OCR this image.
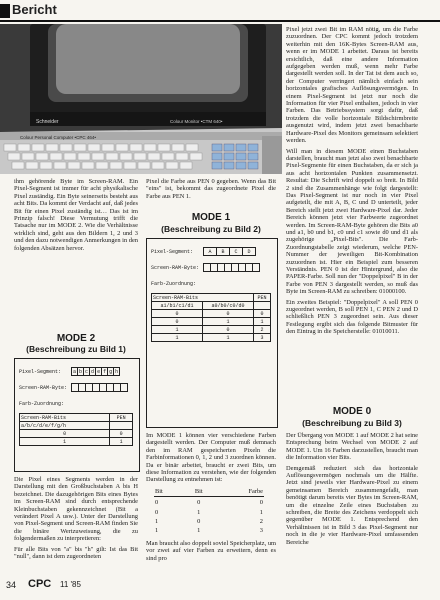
Bericht
Schneider	Colour Monitor •CTM 640•
Colour Personal Computer •CPC 464•

ihm gehörende Byte im Screen-RAM. Ein Pixel-Segment ist immer für acht physikalische Pixel zuständig. Ein Byte seinerseits besteht aus acht Bits. Da kommt der Verdacht auf, daß jedes Bit für einen Pixel zuständig ist… Das ist im Prinzip falsch! Diese Vermutung trifft die Tatsache nur im MODE 2. Wie die Verhältnisse wirklich sind, geht aus den Bildern 1, 2 und 3 und den dazu notwendigen Anmerkungen in den folgenden Absätzen hervor.

MODE 2
(Beschreibung zu Bild 1)
Pixel-Segment: a	b	c	d	e	f	g	h
Screen-RAM-Byte:

Farb-Zuordnung:
Screen-RAM-Bits	PEN
a/b/c/d/e/f/g/h	
0	0
1	1

Die Pixel eines Segments werden in der Darstellung mit den Großbuchstaben A bis H bezeichnet. Die dazugehörigen Bits eines Bytes im Screen-RAM sind durch entsprechende Kleinbuchstaben gekennzeichnet (Bit a verändert Pixel A usw.). Unter der Darstellung von Pixel-Segment und Screen-RAM finden Sie die binäre Wertzuweisung, die zu folgendermaßen zu interpretieren:

Für alle Bits von "a" bis "h" gilt: Ist das Bit "null", dann ist dem zugeordneten

Pixel die Farbe aus PEN 0 gegeben. Wenn das Bit "eins" ist, bekommt das zugeordnete Pixel die Farbe aus PEN 1.

MODE 1
(Beschreibung zu Bild 2)
Pixel-Segment:	A	B	C	D
Screen-RAM-Byte:

Farb-Zuordnung:
Screen-RAM-Bits		PEN
a1/b1/c1/d1	a0/b0/c0/d0	
0	0	0
0	1	1
1	0	2
1	1	3

Im MODE 1 können vier verschiedene Farben dargestellt werden. Der Computer muß demnach den im RAM gespeicherten Pixeln die Farbinformationen 0, 1, 2 und 3 zuordnen können. Da er binär arbeitet, braucht er zwei Bits, um diese Information zu verstehen, wie der folgenden Darstellung zu entnehmen ist:

Bit	Bit	Farbe

0	0	0
0	1	1
1	0	2
1	1	3

Man braucht also doppelt soviel Speicherplatz, um vor zwei auf vier Farben zu erweitern, denn es sind pro

Pixel jetzt zwei Bit im RAM nötig, um die Farbe zuzuordnen. Der CPC kommt jedoch trotzdem weiterhin mit den 16K-Bytes Screen-RAM aus, wenn er im MODE 1 arbeitet. Daraus ist bereits ersichtlich, daß eine andere Information aufgegeben werden muß, wenn mehr Farbe dargestellt werden soll. In der Tat ist dem auch so, der Computer verringert nämlich einfach sein horizontales grafisches Auflösungsvermögen. In einem Pixel-Segment ist jetzt nur noch die Information für vier Pixel enthalten, jedoch in vier Farben. Das Betriebssystem sorgt dafür, daß trotzdem die volle horizontale Bildschirmbreite ausgenutzt wird, indem jetzt zwei benachbarte Hardware-Pixel des Monitors gemeinsam selektiert werden.

Will man in diesem MODE einen Buchstaben darstellen, braucht man jetzt also zwei benachbarte Pixel-Segmente für einen Buchstaben, da er sich ja aus acht horizontalen Punkten zusammensetzt. Resultat: Die Schrift wird doppelt so breit. In Bild 2 sind die Zusammenhänge wie folgt dargestellt: Das Pixel-Segment ist nur noch in vier Pixel aufgeteilt, die mit A, B, C und D unterteilt, jeder Bereich stellt jetzt zwei Hardware-Pixel dar. Jeder Bereich können jetzt vier Farbwerte zugeordnet werden. Im Screen-RAM-Byte gehören die Bits a0 und a1, b0 und b1, c0 und c1 sowie d0 und d1 als zugehörige „Pixel-Bits". Die Farb-Zuordnungstabelle zeigt wiederum, welche PEN-Nummer der jeweiligen Bit-Kombination zuzuordnen ist. Hier ein Beispiel zum besseren Verständnis. PEN 0 ist der Hintergrund, also die PAPER-Farbe. Soll nun der "Doppelpixel" B in der Farbe von PEN 3 dargestellt werden, so muß das Byte im Screen-RAM zu schreiben: 01000100.

Ein zweites Beispiel: "Doppelpixel" A soll PEN 0 zugeordnet werden, B soll PEN 1, C PEN 2 und D schließlich PEN 3 zugeordnet sein. Aus dieser Festlegung ergibt sich das folgende Bitmuster für den Eintrag in die Speicherstelle: 01010011.

MODE 0
(Beschreibung zu Bild 3)

Der Übergang von MODE 1 auf MODE 2 hat seine Entsprechung beim Wechsel von MODE 2 auf MODE 1. Um 16 Farben darzustellen, braucht man die Information vier Bits.

Demgemäß reduziert sich das horizontale Auflösungsvermögen nochmals um die Hälfte. Jetzt sind jeweils vier Hardware-Pixel zu einem gemeinsamen Bereich zusammengefaßt, man benötigt darum bereits vier Bytes im Screen-RAM, um die einzelne Zeile eines Buchstaben zu schreiben, die Breite des Zeichens verdoppelt sich gegenüber MODE 1. Entsprechend den Verhältnissen ist in Bild 3 das Pixel-Segment nur noch in die je vier Hardware-Pixel umfassenden Bereiche

34 CPC 11 '85
